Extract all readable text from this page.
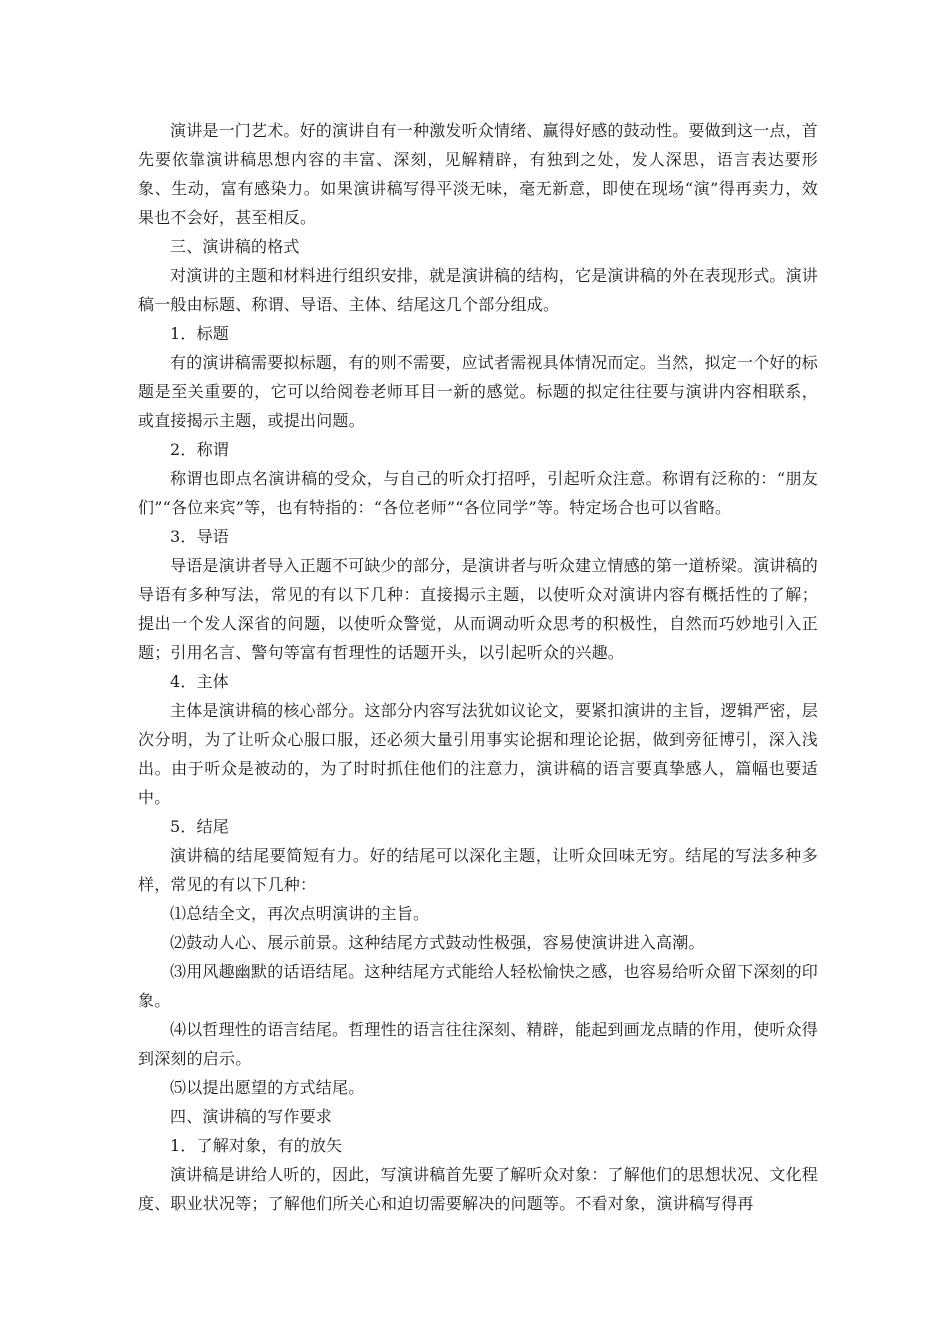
演讲是一门艺术。好的演讲自有一种激发听众情绪、赢得好感的鼓动性。要做到这一点，首先要依靠演讲稿思想内容的丰富、深刻，见解精辟，有独到之处，发人深思，语言表达要形象、生动，富有感染力。如果演讲稿写得平淡无味，毫无新意，即使在现场“演”得再卖力，效果也不会好，甚至相反。

三、演讲稿的格式

对演讲的主题和材料进行组织安排，就是演讲稿的结构，它是演讲稿的外在表现形式。演讲稿一般由标题、称谓、导语、主体、结尾这几个部分组成。

1．标题

有的演讲稿需要拟标题，有的则不需要，应试者需视具体情况而定。当然，拟定一个好的标题是至关重要的，它可以给阅卷老师耳目一新的感觉。标题的拟定往往要与演讲内容相联系，或直接揭示主题，或提出问题。

2．称谓

称谓也即点名演讲稿的受众，与自己的听众打招呼，引起听众注意。称谓有泛称的：“朋友们”“各位来宾”等，也有特指的：“各位老师”“各位同学”等。特定场合也可以省略。

3．导语

导语是演讲者导入正题不可缺少的部分，是演讲者与听众建立情感的第一道桥梁。演讲稿的导语有多种写法，常见的有以下几种：直接揭示主题，以使听众对演讲内容有概括性的了解；提出一个发人深省的问题，以使听众警觉，从而调动听众思考的积极性，自然而巧妙地引入正题；引用名言、警句等富有哲理性的话题开头，以引起听众的兴趣。

4．主体

主体是演讲稿的核心部分。这部分内容写法犹如议论文，要紧扣演讲的主旨，逻辑严密，层次分明，为了让听众心服口服，还必须大量引用事实论据和理论论据，做到旁征博引，深入浅出。由于听众是被动的，为了时时抓住他们的注意力，演讲稿的语言要真挚感人，篇幅也要适中。

5．结尾

演讲稿的结尾要简短有力。好的结尾可以深化主题，让听众回味无穷。结尾的写法多种多样，常见的有以下几种：

⑴总结全文，再次点明演讲的主旨。

⑵鼓动人心、展示前景。这种结尾方式鼓动性极强，容易使演讲进入高潮。

⑶用风趣幽默的话语结尾。这种结尾方式能给人轻松愉快之感，也容易给听众留下深刻的印象。

⑷以哲理性的语言结尾。哲理性的语言往往深刻、精辟，能起到画龙点睛的作用，使听众得到深刻的启示。

⑸以提出愿望的方式结尾。

四、演讲稿的写作要求

1．了解对象，有的放矢

演讲稿是讲给人听的，因此，写演讲稿首先要了解听众对象：了解他们的思想状况、文化程度、职业状况等；了解他们所关心和迫切需要解决的问题等。不看对象，演讲稿写得再
